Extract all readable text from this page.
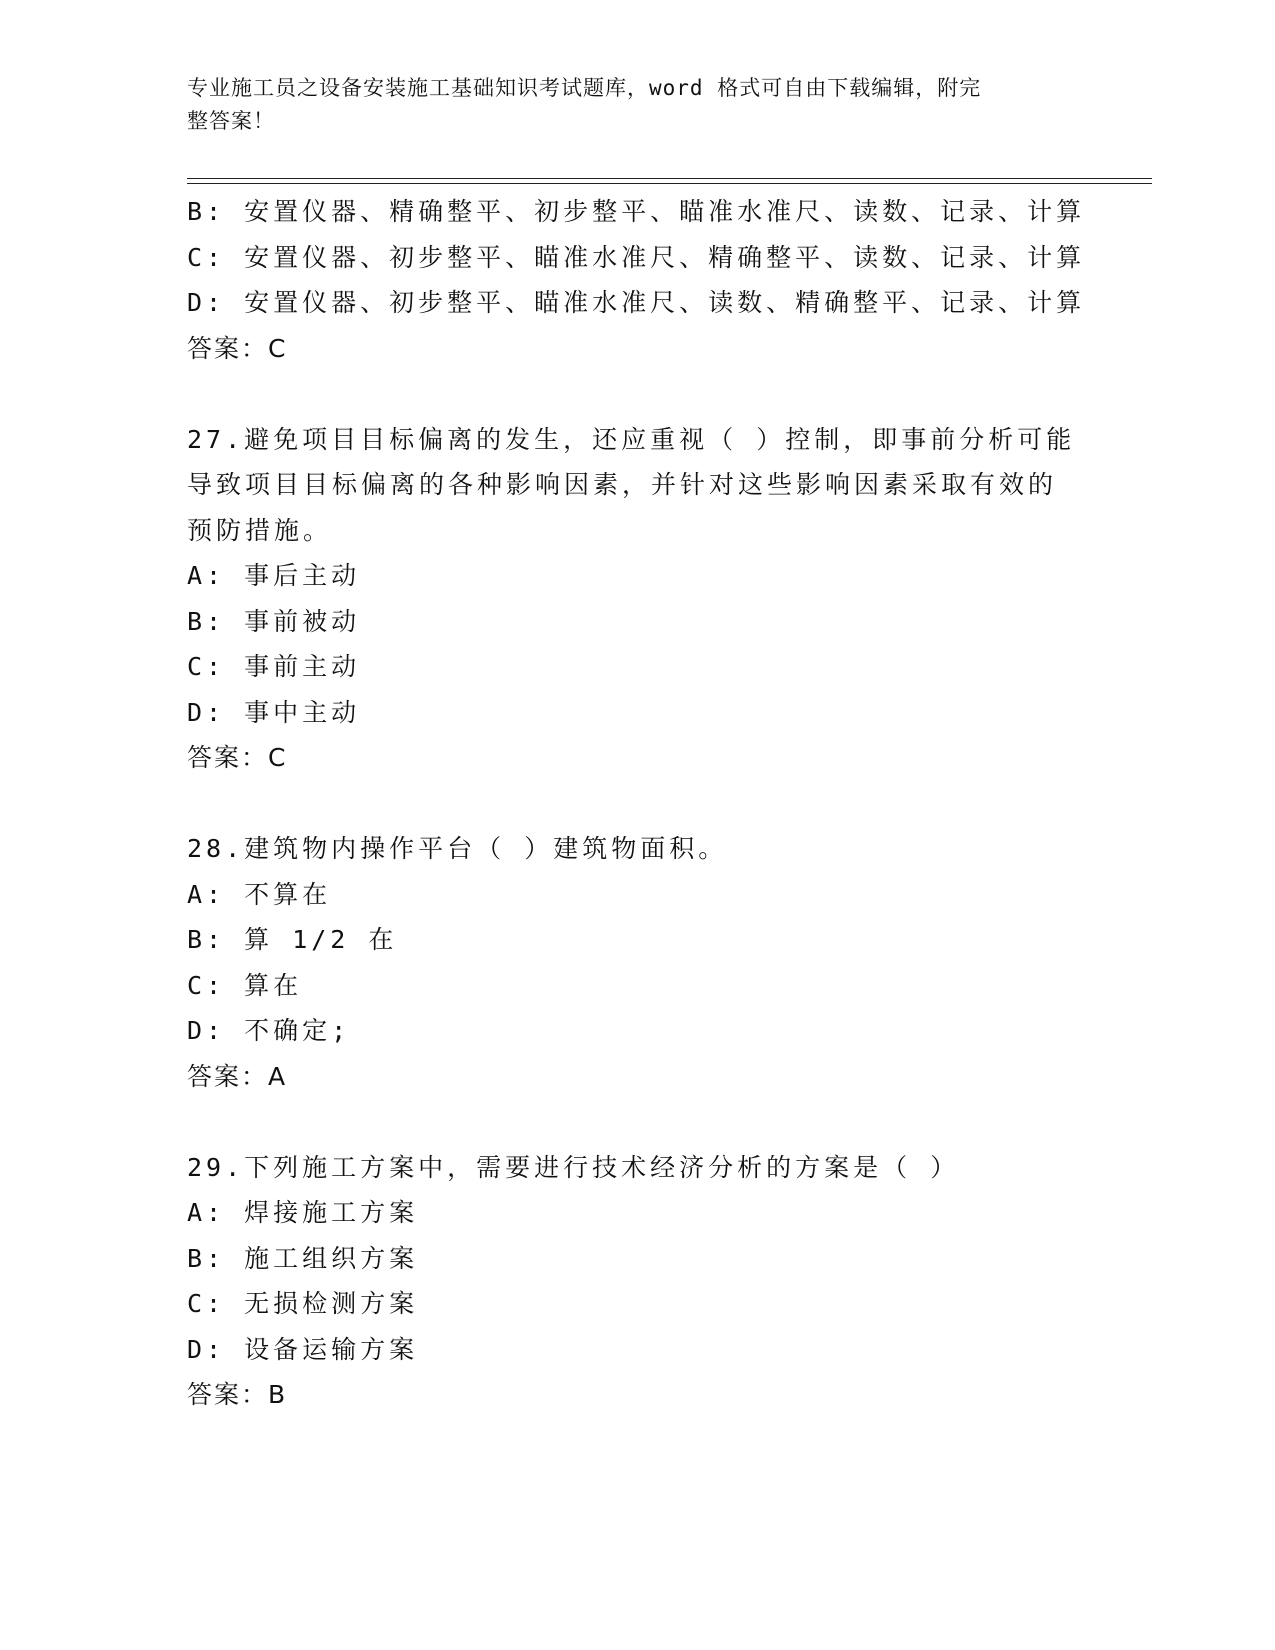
专业施工员之设备安装施工基础知识考试题库，word 格式可自由下载编辑，附完
整答案！
B: 安置仪器、精确整平、初步整平、瞄准水准尺、读数、记录、计算
C: 安置仪器、初步整平、瞄准水准尺、精确整平、读数、记录、计算
D: 安置仪器、初步整平、瞄准水准尺、读数、精确整平、记录、计算
答案：C
27.避免项目目标偏离的发生，还应重视（ ）控制，即事前分析可能
导致项目目标偏离的各种影响因素，并针对这些影响因素采取有效的
预防措施。
A: 事后主动
B: 事前被动
C: 事前主动
D: 事中主动
答案：C
28.建筑物内操作平台（ ）建筑物面积。
A: 不算在
B: 算 1/2 在
C: 算在
D: 不确定;
答案：A
29.下列施工方案中，需要进行技术经济分析的方案是（ ）
A: 焊接施工方案
B: 施工组织方案
C: 无损检测方案
D: 设备运输方案
答案：B
